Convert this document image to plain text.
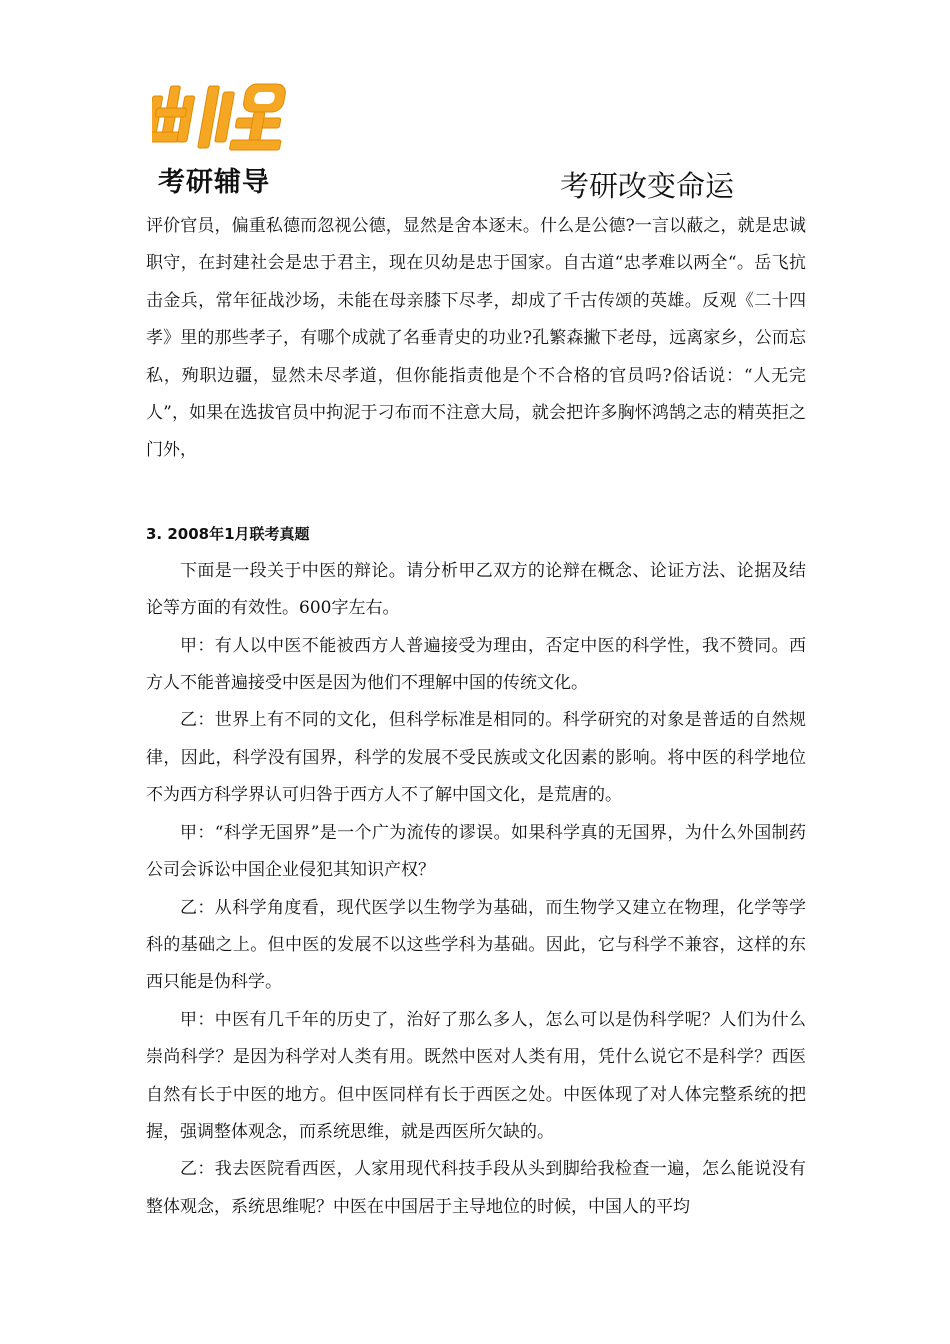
考研辅导	考研改变命运

评价官员，偏重私德而忽视公德，显然是舍本逐末。什么是公德?一言以蔽之，就是忠诚职守，在封建社会是忠于君主，现在贝幼是忠于国家。自古道“忠孝难以两全“。岳飞抗击金兵，常年征战沙场，未能在母亲膝下尽孝，却成了千古传颂的英雄。反观《二十四孝》里的那些孝子，有哪个成就了名垂青史的功业?孔繁森撇下老母，远离家乡，公而忘私，殉职边疆，显然未尽孝道，但你能指责他是个不合格的官员吗?俗话说：“人无完人”，如果在选拔官员中拘泥于刁布而不注意大局，就会把许多胸怀鸿鹄之志的精英拒之门外，

3. 2008年1月联考真题

下面是一段关于中医的辩论。请分析甲乙双方的论辩在概念、论证方法、论据及结论等方面的有效性。600字左右。

甲：有人以中医不能被西方人普遍接受为理由，否定中医的科学性，我不赞同。西方人不能普遍接受中医是因为他们不理解中国的传统文化。

乙：世界上有不同的文化，但科学标准是相同的。科学研究的对象是普适的自然规律，因此，科学没有国界，科学的发展不受民族或文化因素的影响。将中医的科学地位不为西方科学界认可归咎于西方人不了解中国文化，是荒唐的。

甲：“科学无国界”是一个广为流传的谬误。如果科学真的无国界，为什么外国制药公司会诉讼中国企业侵犯其知识产权？

乙：从科学角度看，现代医学以生物学为基础，而生物学又建立在物理，化学等学科的基础之上。但中医的发展不以这些学科为基础。因此，它与科学不兼容，这样的东西只能是伪科学。

甲：中医有几千年的历史了，治好了那么多人，怎么可以是伪科学呢？人们为什么崇尚科学？是因为科学对人类有用。既然中医对人类有用，凭什么说它不是科学？西医自然有长于中医的地方。但中医同样有长于西医之处。中医体现了对人体完整系统的把握，强调整体观念，而系统思维，就是西医所欠缺的。

乙：我去医院看西医，人家用现代科技手段从头到脚给我检查一遍，怎么能说没有整体观念，系统思维呢？中医在中国居于主导地位的时候，中国人的平均
